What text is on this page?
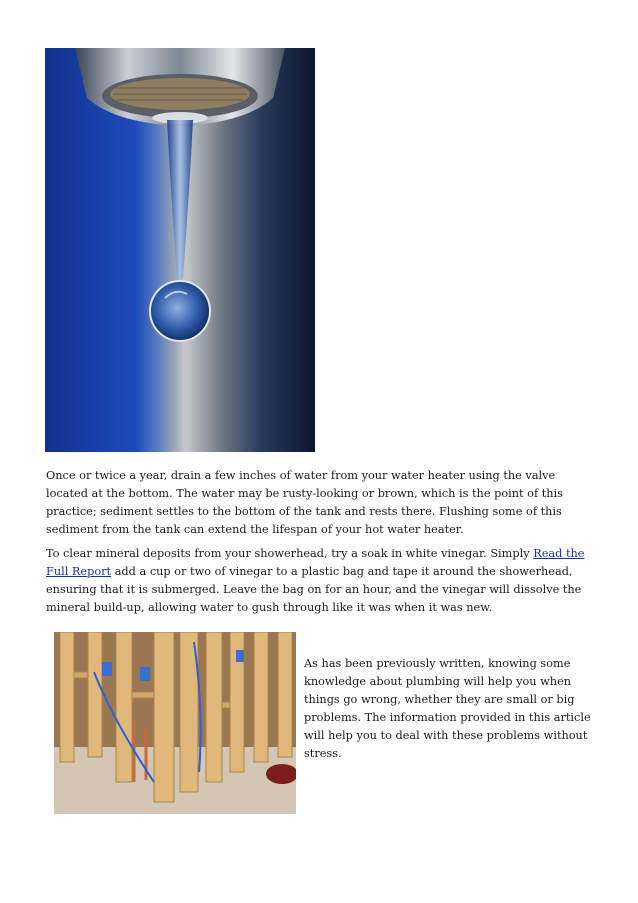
Once or twice a year, drain a few inches of water from your water heater using the valve located at the bottom. The water may be rusty-looking or brown, which is the point of this practice; sediment settles to the bottom of the tank and rests there. Flushing some of this sediment from the tank can extend the lifespan of your hot water heater.

To clear mineral deposits from your showerhead, try a soak in white vinegar. Simply Read the Full Report add a cup or two of vinegar to a plastic bag and tape it around the showerhead, ensuring that it is submerged. Leave the bag on for an hour, and the vinegar will dissolve the mineral build-up, allowing water to gush through like it was when it was new.

As has been previously written, knowing some knowledge about plumbing will help you when things go wrong, whether they are small or big problems. The information provided in this article will help you to deal with these problems without stress.
